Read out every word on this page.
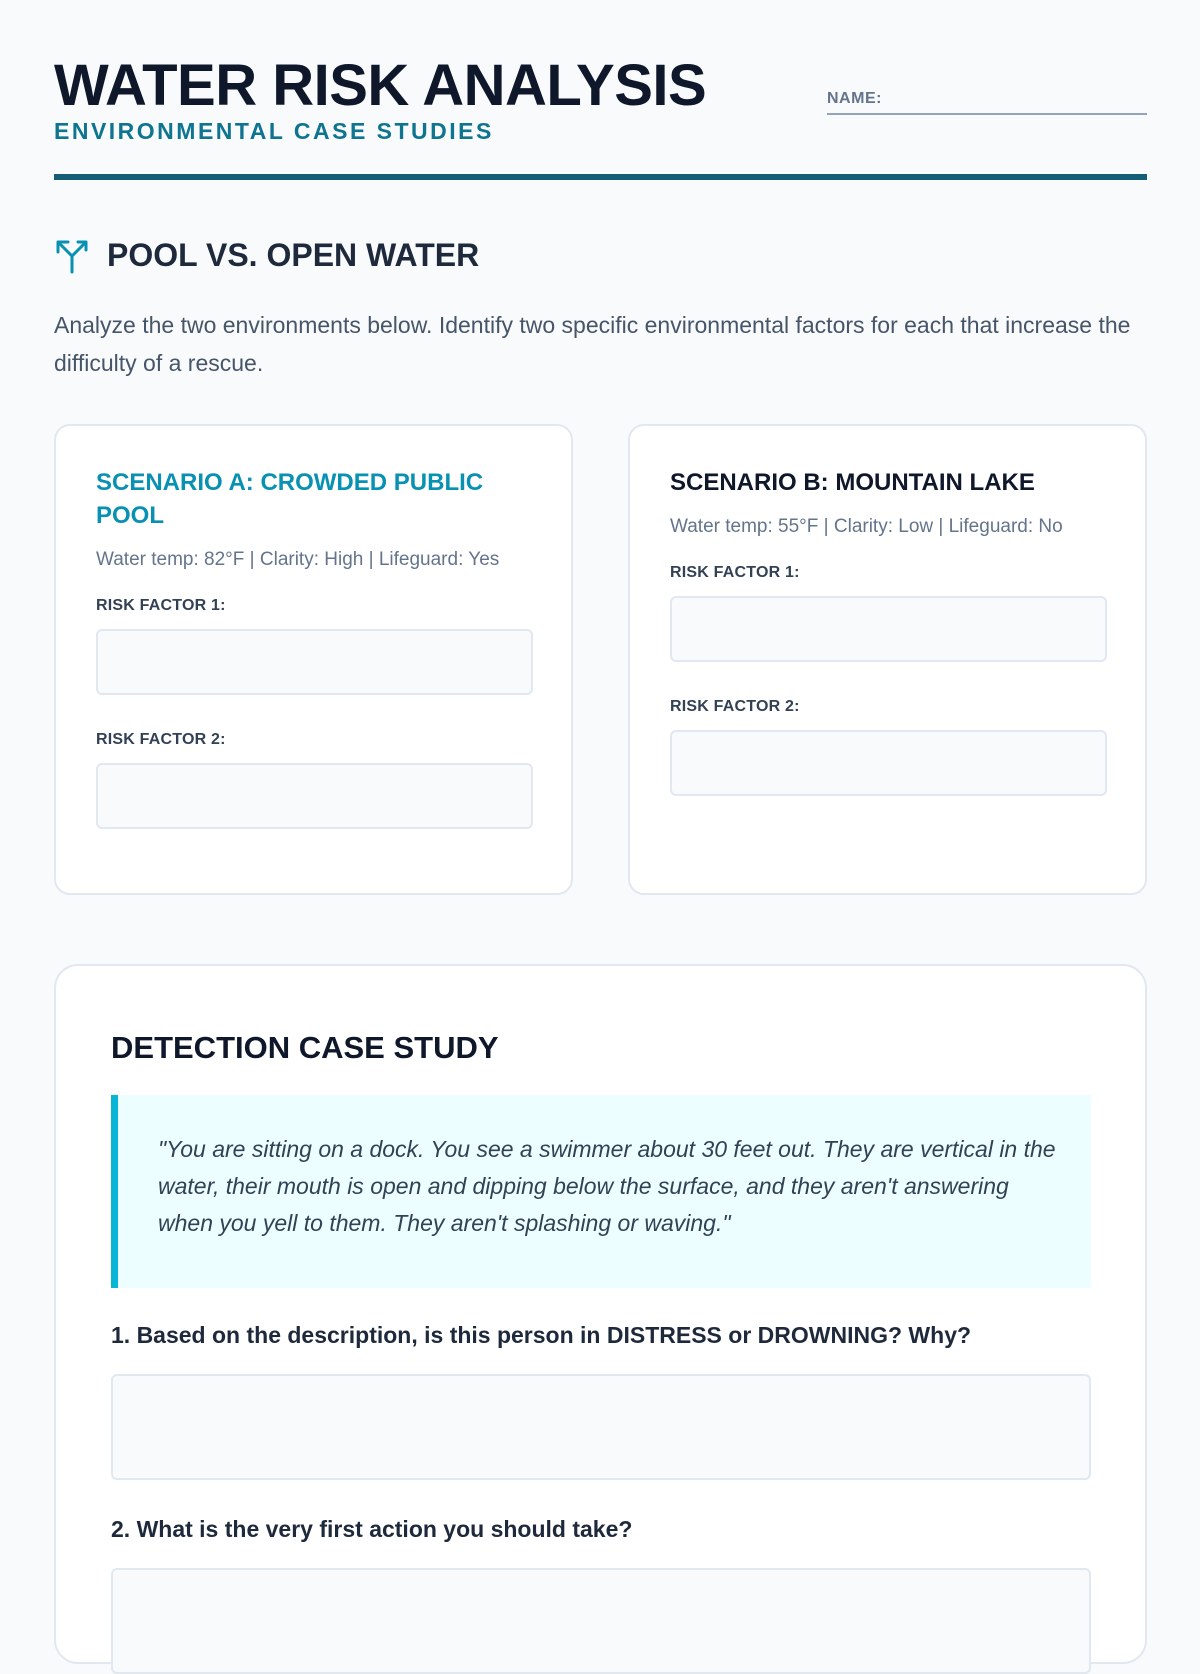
WATER RISK ANALYSIS
ENVIRONMENTAL CASE STUDIES
NAME:
POOL VS. OPEN WATER

Analyze the two environments below. Identify two specific environmental factors for each that increase the difficulty of a rescue.

SCENARIO A: CROWDED PUBLIC POOL
Water temp: 82°F | Clarity: High | Lifeguard: Yes
RISK FACTOR 1:
RISK FACTOR 2:
SCENARIO B: MOUNTAIN LAKE
Water temp: 55°F | Clarity: Low | Lifeguard: No
RISK FACTOR 1:
RISK FACTOR 2:
DETECTION CASE STUDY

"You are sitting on a dock. You see a swimmer about 30 feet out. They are vertical in the water, their mouth is open and dipping below the surface, and they aren't answering when you yell to them. They aren't splashing or waving."

1. Based on the description, is this person in DISTRESS or DROWNING? Why?

2. What is the very first action you should take?
